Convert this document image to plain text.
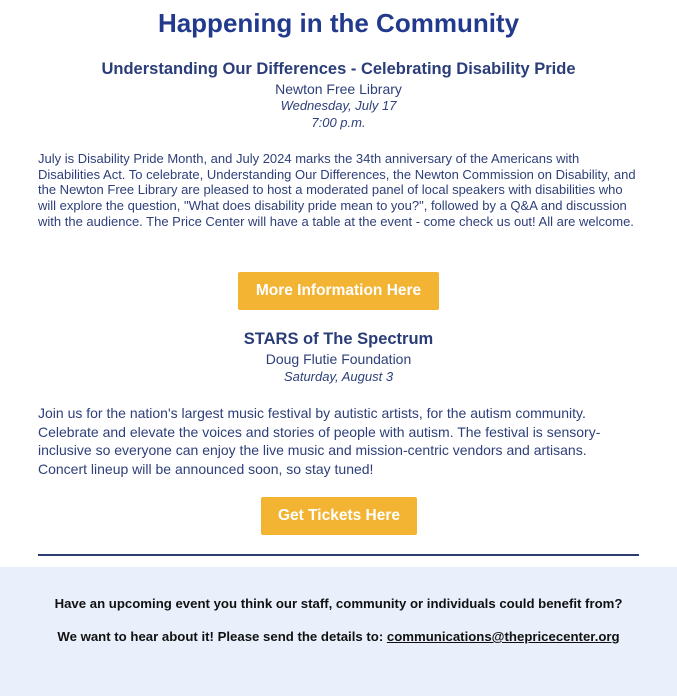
Happening in the Community
Understanding Our Differences - Celebrating Disability Pride
Newton Free Library
Wednesday, July 17
7:00 p.m.
July is Disability Pride Month, and July 2024 marks the 34th anniversary of the Americans with Disabilities Act. To celebrate, Understanding Our Differences, the Newton Commission on Disability, and the Newton Free Library are pleased to host a moderated panel of local speakers with disabilities who will explore the question, "What does disability pride mean to you?", followed by a Q&A and discussion with the audience. The Price Center will have a table at the event - come check us out! All are welcome.
More Information Here
STARS of The Spectrum
Doug Flutie Foundation
Saturday, August 3
Join us for the nation's largest music festival by autistic artists, for the autism community. Celebrate and elevate the voices and stories of people with autism. The festival is sensory-inclusive so everyone can enjoy the live music and mission-centric vendors and artisans. Concert lineup will be announced soon, so stay tuned!
Get Tickets Here
Have an upcoming event you think our staff, community or individuals could benefit from?
We want to hear about it! Please send the details to: communications@thepricecenter.org
